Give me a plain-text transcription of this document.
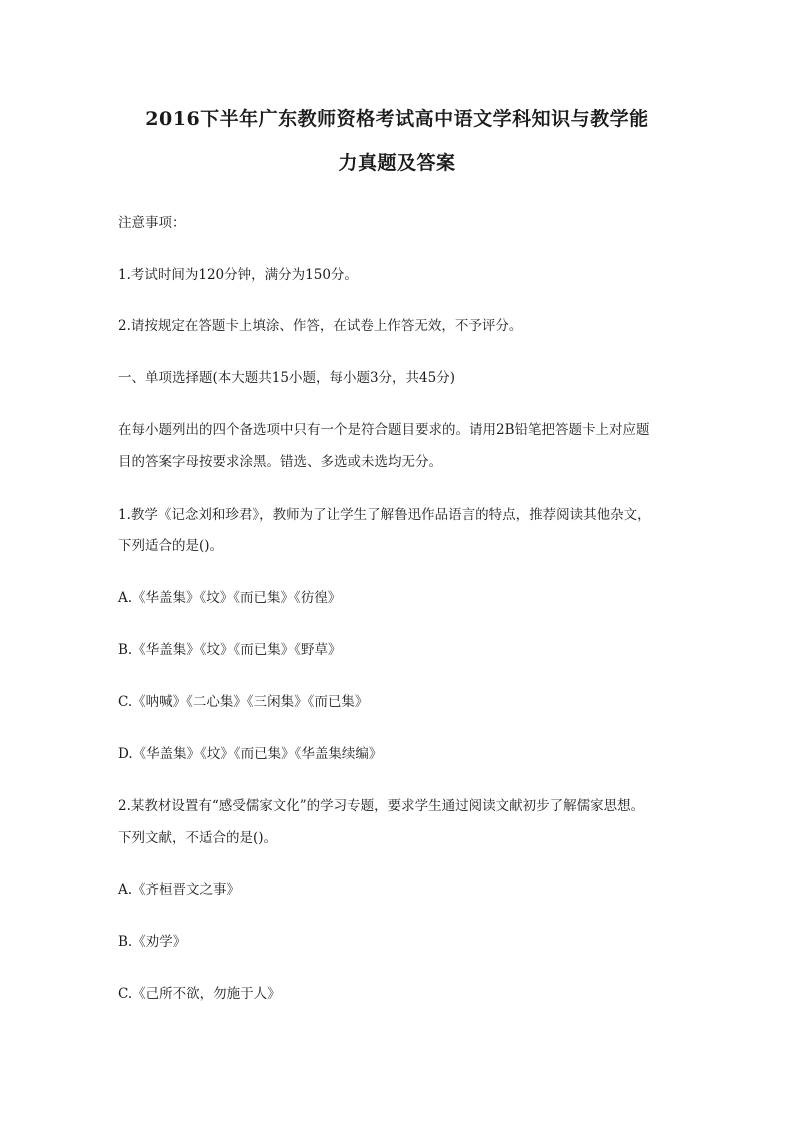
2016下半年广东教师资格考试高中语文学科知识与教学能
力真题及答案

注意事项：

1.考试时间为120分钟，满分为150分。

2.请按规定在答题卡上填涂、作答，在试卷上作答无效，不予评分。

一、单项选择题(本大题共15小题，每小题3分，共45分)

在每小题列出的四个备选项中只有一个是符合题目要求的。请用2B铅笔把答题卡上对应题

目的答案字母按要求涂黑。错选、多选或未选均无分。

1.教学《记念刘和珍君》，教师为了让学生了解鲁迅作品语言的特点，推荐阅读其他杂文，

下列适合的是()。

A.《华盖集》《坟》《而已集》《彷徨》

B.《华盖集》《坟》《而已集》《野草》

C.《呐喊》《二心集》《三闲集》《而已集》

D.《华盖集》《坟》《而已集》《华盖集续编》

2.某教材设置有“感受儒家文化”的学习专题，要求学生通过阅读文献初步了解儒家思想。

下列文献，不适合的是()。

A.《齐桓晋文之事》

B.《劝学》

C.《己所不欲，勿施于人》
